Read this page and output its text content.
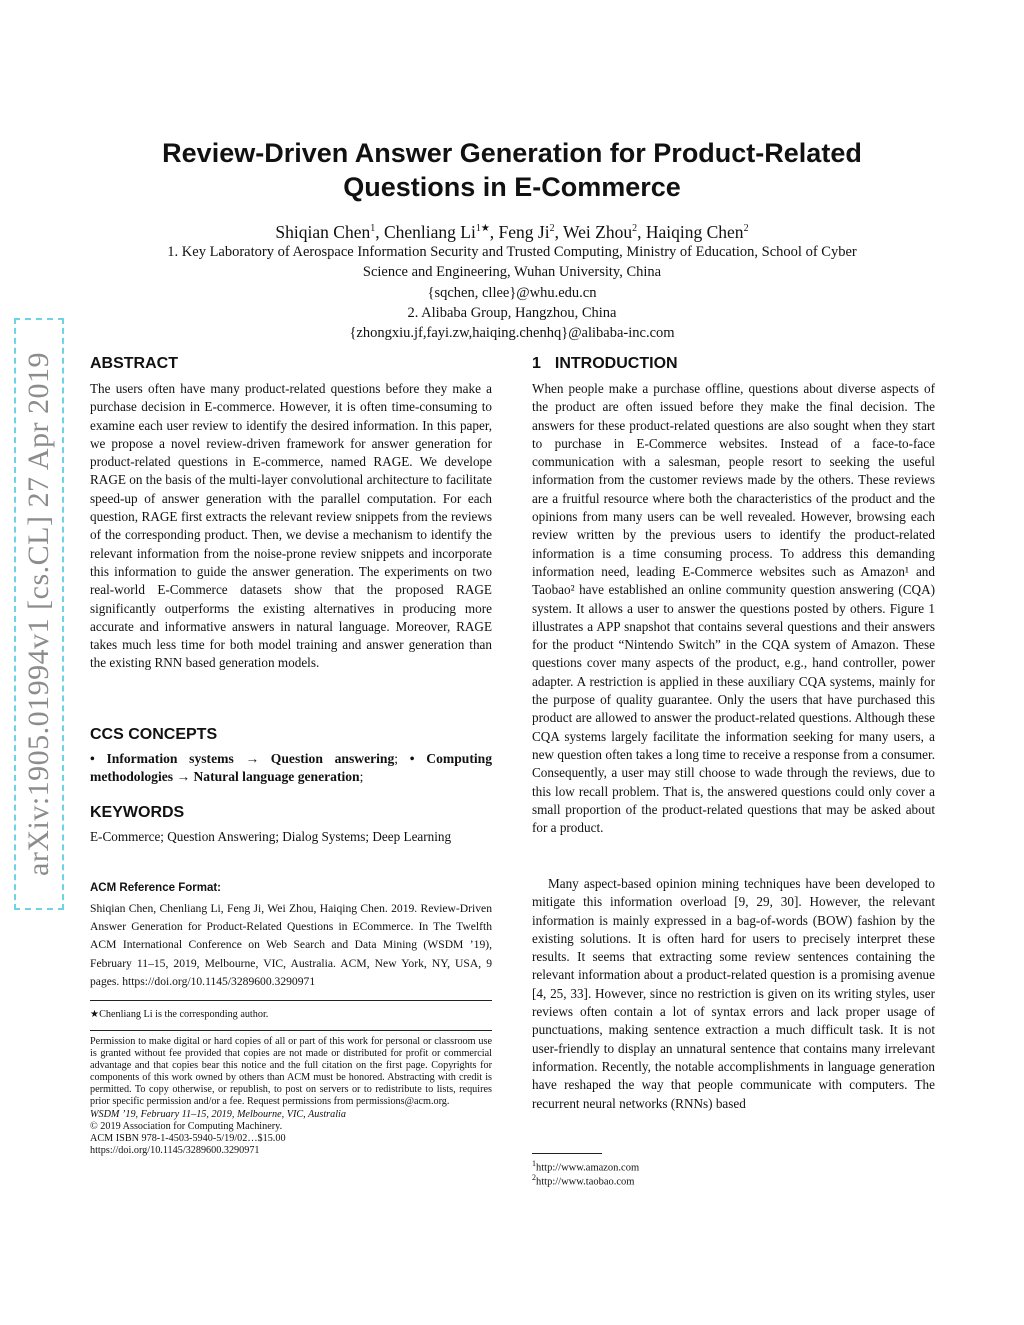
arXiv:1905.01994v1 [cs.CL] 27 Apr 2019
Review-Driven Answer Generation for Product-Related
Questions in E-Commerce
Shiqian Chen$^1$, Chenliang $Li^{1★}$, Feng Ji$^2$, Wei Zhou$^2$, Haiqing Chen$^2$
1. Key Laboratory of Aerospace Information Security and Trusted Computing, Ministry of Education, School of Cyber
Science and Engineering, Wuhan University, China
{sqchen, cllee}@whu.edu.cn
2. Alibaba Group, Hangzhou, China
{zhongxiu.jf,fayi.zw,haiqing.chenhq}@alibaba-inc.com
ABSTRACT

The users often have many product-related questions before they make a purchase decision in E-commerce. However, it is often time-consuming to examine each user review to identify the desired information. In this paper, we propose a novel review-driven framework for answer generation for product-related questions in E-commerce, named RAGE. We develope RAGE on the basis of the multi-layer convolutional architecture to facilitate speed-up of answer generation with the parallel computation. For each question, RAGE first extracts the relevant review snippets from the reviews of the corresponding product. Then, we devise a mechanism to identify the relevant information from the noise-prone review snippets and incorporate this information to guide the answer generation. The experiments on two real-world E-Commerce datasets show that the proposed RAGE significantly outperforms the existing alternatives in producing more accurate and informative answers in natural language. Moreover, RAGE takes much less time for both model training and answer generation than the existing RNN based generation models.

CCS CONCEPTS

• Information systems → Question answering; • Computing methodologies → Natural language generation;

KEYWORDS

E-Commerce; Question Answering; Dialog Systems; Deep Learning

ACM Reference Format:

Shiqian Chen, Chenliang Li, Feng Ji, Wei Zhou, Haiqing Chen. 2019. Review-Driven Answer Generation for Product-Related Questions in ECommerce. In The Twelfth ACM International Conference on Web Search and Data Mining (WSDM ’19), February 11–15, 2019, Melbourne, VIC, Australia. ACM, New York, NY, USA, 9 pages. https://doi.org/10.1145/3289600.3290971

★Chenliang Li is the corresponding author.

Permission to make digital or hard copies of all or part of this work for personal or classroom use is granted without fee provided that copies are not made or distributed for profit or commercial advantage and that copies bear this notice and the full citation on the first page. Copyrights for components of this work owned by others than ACM must be honored. Abstracting with credit is permitted. To copy otherwise, or republish, to post on servers or to redistribute to lists, requires prior specific permission and/or a fee. Request permissions from permissions@acm.org.

WSDM ’19, February 11–15, 2019, Melbourne, VIC, Australia

© 2019 Association for Computing Machinery.

ACM ISBN 978-1-4503-5940-5/19/02…$15.00

https://doi.org/10.1145/3289600.3290971

1 INTRODUCTION

When people make a purchase offline, questions about diverse aspects of the product are often issued before they make the final decision. The answers for these product-related questions are also sought when they start to purchase in E-Commerce websites. Instead of a face-to-face communication with a salesman, people resort to seeking the useful information from the customer reviews made by the others. These reviews are a fruitful resource where both the characteristics of the product and the opinions from many users can be well revealed. However, browsing each review written by the previous users to identify the product-related information is a time consuming process. To address this demanding information need, leading E-Commerce websites such as Amazon¹ and Taobao² have established an online community question answering (CQA) system. It allows a user to answer the questions posted by others. Figure 1 illustrates a APP snapshot that contains several questions and their answers for the product “Nintendo Switch” in the CQA system of Amazon. These questions cover many aspects of the product, e.g., hand controller, power adapter. A restriction is applied in these auxiliary CQA systems, mainly for the purpose of quality guarantee. Only the users that have purchased this product are allowed to answer the product-related questions. Although these CQA systems largely facilitate the information seeking for many users, a new question often takes a long time to receive a response from a consumer. Consequently, a user may still choose to wade through the reviews, due to this low recall problem. That is, the answered questions could only cover a small proportion of the product-related questions that may be asked about for a product.

Many aspect-based opinion mining techniques have been developed to mitigate this information overload [9, 29, 30]. However, the relevant information is mainly expressed in a bag-of-words (BOW) fashion by the existing solutions. It is often hard for users to precisely interpret these results. It seems that extracting some review sentences containing the relevant information about a product-related question is a promising avenue [4, 25, 33]. However, since no restriction is given on its writing styles, user reviews often contain a lot of syntax errors and lack proper usage of punctuations, making sentence extraction a much difficult task. It is not user-friendly to display an unnatural sentence that contains many irrelevant information. Recently, the notable accomplishments in language generation have reshaped the way that people communicate with computers. The recurrent neural networks (RNNs) based

$^1$http://www.amazon.com

$^2$http://www.taobao.com
